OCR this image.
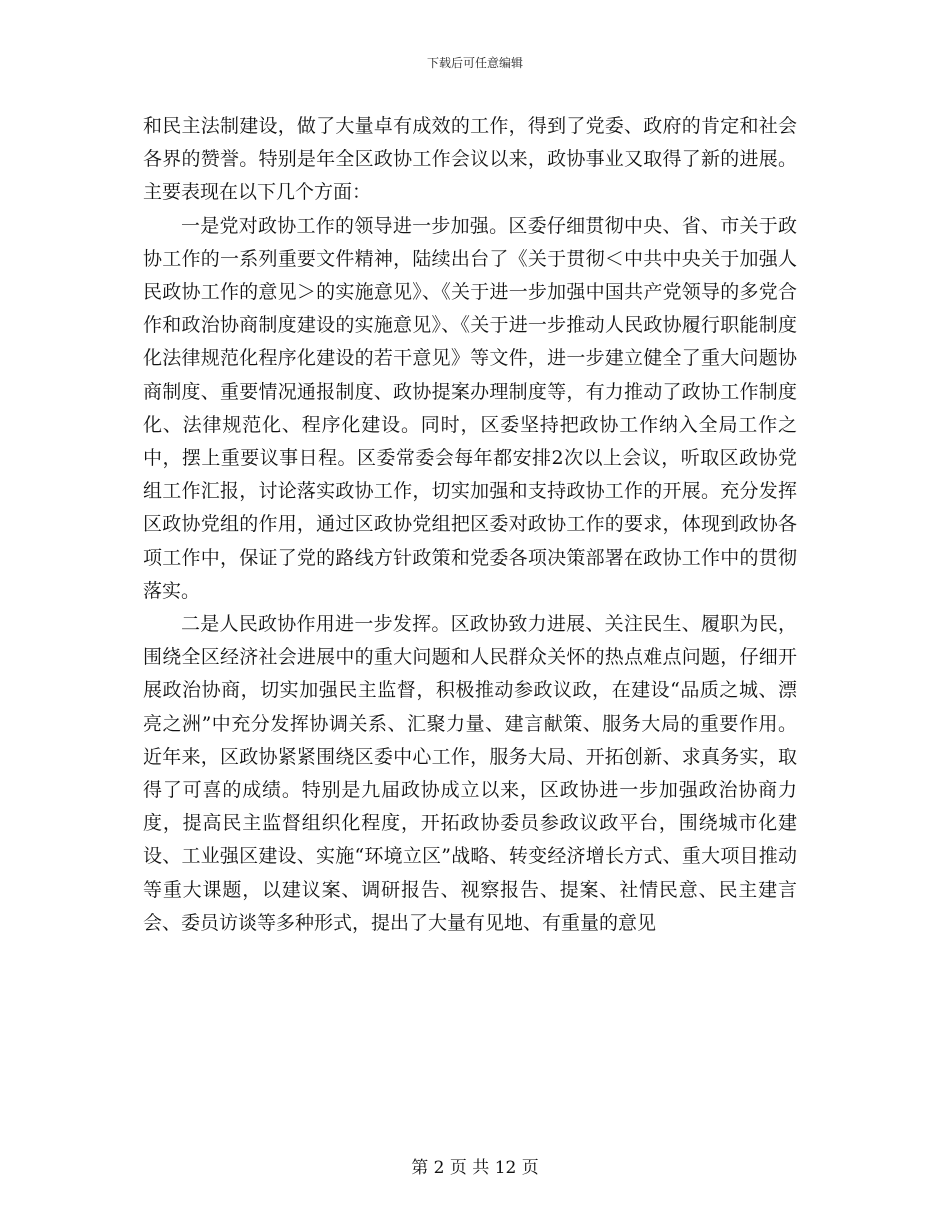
下载后可任意编辑

和民主法制建设，做了大量卓有成效的工作，得到了党委、政府的肯定和社会各界的赞誉。特别是年全区政协工作会议以来，政协事业又取得了新的进展。主要表现在以下几个方面：

一是党对政协工作的领导进一步加强。区委仔细贯彻中央、省、市关于政协工作的一系列重要文件精神，陆续出台了《关于贯彻＜中共中央关于加强人民政协工作的意见＞的实施意见》、《关于进一步加强中国共产党领导的多党合作和政治协商制度建设的实施意见》、《关于进一步推动人民政协履行职能制度化法律规范化程序化建设的若干意见》等文件，进一步建立健全了重大问题协商制度、重要情况通报制度、政协提案办理制度等，有力推动了政协工作制度化、法律规范化、程序化建设。同时，区委坚持把政协工作纳入全局工作之中，摆上重要议事日程。区委常委会每年都安排2次以上会议，听取区政协党组工作汇报，讨论落实政协工作，切实加强和支持政协工作的开展。充分发挥区政协党组的作用，通过区政协党组把区委对政协工作的要求，体现到政协各项工作中，保证了党的路线方针政策和党委各项决策部署在政协工作中的贯彻落实。

二是人民政协作用进一步发挥。区政协致力进展、关注民生、履职为民，围绕全区经济社会进展中的重大问题和人民群众关怀的热点难点问题，仔细开展政治协商，切实加强民主监督，积极推动参政议政，在建设“品质之城、漂亮之洲”中充分发挥协调关系、汇聚力量、建言献策、服务大局的重要作用。近年来，区政协紧紧围绕区委中心工作，服务大局、开拓创新、求真务实，取得了可喜的成绩。特别是九届政协成立以来，区政协进一步加强政治协商力度，提高民主监督组织化程度，开拓政协委员参政议政平台，围绕城市化建设、工业强区建设、实施“环境立区”战略、转变经济增长方式、重大项目推动等重大课题，以建议案、调研报告、视察报告、提案、社情民意、民主建言会、委员访谈等多种形式，提出了大量有见地、有重量的意见

第 2 页 共 12 页
